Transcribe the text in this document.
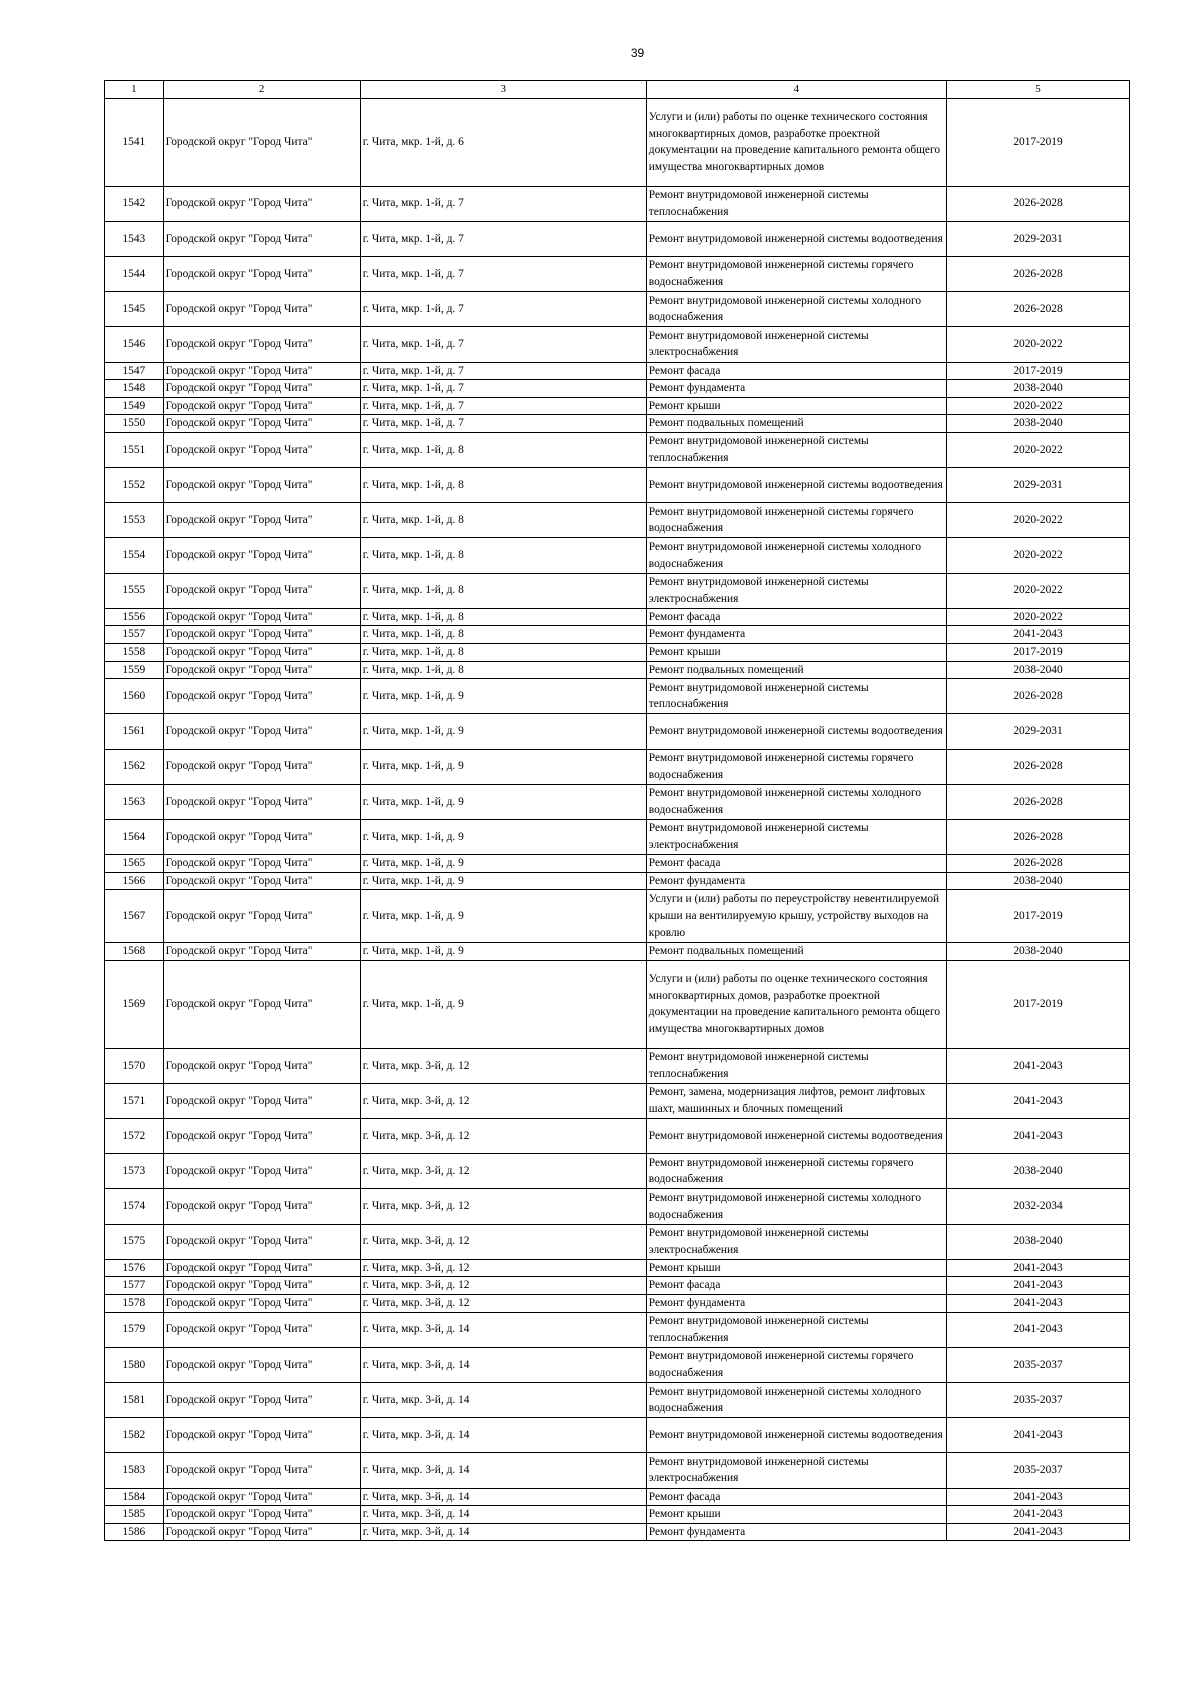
39
1	2	3	4	5
1541	Городской округ "Город Чита"	г. Чита, мкр. 1-й, д. 6	Услуги и (или) работы по оценке технического состояния многоквартирных домов, разработке проектной документации на проведение капитального ремонта общего имущества многоквартирных домов	2017-2019
1542	Городской округ "Город Чита"	г. Чита, мкр. 1-й, д. 7	Ремонт внутридомовой инженерной системы теплоснабжения	2026-2028
1543	Городской округ "Город Чита"	г. Чита, мкр. 1-й, д. 7	Ремонт внутридомовой инженерной системы водоотведения	2029-2031
1544	Городской округ "Город Чита"	г. Чита, мкр. 1-й, д. 7	Ремонт внутридомовой инженерной системы горячего водоснабжения	2026-2028
1545	Городской округ "Город Чита"	г. Чита, мкр. 1-й, д. 7	Ремонт внутридомовой инженерной системы холодного водоснабжения	2026-2028
1546	Городской округ "Город Чита"	г. Чита, мкр. 1-й, д. 7	Ремонт внутридомовой инженерной системы электроснабжения	2020-2022
1547	Городской округ "Город Чита"	г. Чита, мкр. 1-й, д. 7	Ремонт фасада	2017-2019
1548	Городской округ "Город Чита"	г. Чита, мкр. 1-й, д. 7	Ремонт фундамента	2038-2040
1549	Городской округ "Город Чита"	г. Чита, мкр. 1-й, д. 7	Ремонт крыши	2020-2022
1550	Городской округ "Город Чита"	г. Чита, мкр. 1-й, д. 7	Ремонт подвальных помещений	2038-2040
1551	Городской округ "Город Чита"	г. Чита, мкр. 1-й, д. 8	Ремонт внутридомовой инженерной системы теплоснабжения	2020-2022
1552	Городской округ "Город Чита"	г. Чита, мкр. 1-й, д. 8	Ремонт внутридомовой инженерной системы водоотведения	2029-2031
1553	Городской округ "Город Чита"	г. Чита, мкр. 1-й, д. 8	Ремонт внутридомовой инженерной системы горячего водоснабжения	2020-2022
1554	Городской округ "Город Чита"	г. Чита, мкр. 1-й, д. 8	Ремонт внутридомовой инженерной системы холодного водоснабжения	2020-2022
1555	Городской округ "Город Чита"	г. Чита, мкр. 1-й, д. 8	Ремонт внутридомовой инженерной системы электроснабжения	2020-2022
1556	Городской округ "Город Чита"	г. Чита, мкр. 1-й, д. 8	Ремонт фасада	2020-2022
1557	Городской округ "Город Чита"	г. Чита, мкр. 1-й, д. 8	Ремонт фундамента	2041-2043
1558	Городской округ "Город Чита"	г. Чита, мкр. 1-й, д. 8	Ремонт крыши	2017-2019
1559	Городской округ "Город Чита"	г. Чита, мкр. 1-й, д. 8	Ремонт подвальных помещений	2038-2040
1560	Городской округ "Город Чита"	г. Чита, мкр. 1-й, д. 9	Ремонт внутридомовой инженерной системы теплоснабжения	2026-2028
1561	Городской округ "Город Чита"	г. Чита, мкр. 1-й, д. 9	Ремонт внутридомовой инженерной системы водоотведения	2029-2031
1562	Городской округ "Город Чита"	г. Чита, мкр. 1-й, д. 9	Ремонт внутридомовой инженерной системы горячего водоснабжения	2026-2028
1563	Городской округ "Город Чита"	г. Чита, мкр. 1-й, д. 9	Ремонт внутридомовой инженерной системы холодного водоснабжения	2026-2028
1564	Городской округ "Город Чита"	г. Чита, мкр. 1-й, д. 9	Ремонт внутридомовой инженерной системы электроснабжения	2026-2028
1565	Городской округ "Город Чита"	г. Чита, мкр. 1-й, д. 9	Ремонт фасада	2026-2028
1566	Городской округ "Город Чита"	г. Чита, мкр. 1-й, д. 9	Ремонт фундамента	2038-2040
1567	Городской округ "Город Чита"	г. Чита, мкр. 1-й, д. 9	Услуги и (или) работы по переустройству невентилируемой крыши на вентилируемую крышу, устройству выходов на кровлю	2017-2019
1568	Городской округ "Город Чита"	г. Чита, мкр. 1-й, д. 9	Ремонт подвальных помещений	2038-2040
1569	Городской округ "Город Чита"	г. Чита, мкр. 1-й, д. 9	Услуги и (или) работы по оценке технического состояния многоквартирных домов, разработке проектной документации на проведение капитального ремонта общего имущества многоквартирных домов	2017-2019
1570	Городской округ "Город Чита"	г. Чита, мкр. 3-й, д. 12	Ремонт внутридомовой инженерной системы теплоснабжения	2041-2043
1571	Городской округ "Город Чита"	г. Чита, мкр. 3-й, д. 12	Ремонт, замена, модернизация лифтов, ремонт лифтовых шахт, машинных и блочных помещений	2041-2043
1572	Городской округ "Город Чита"	г. Чита, мкр. 3-й, д. 12	Ремонт внутридомовой инженерной системы водоотведения	2041-2043
1573	Городской округ "Город Чита"	г. Чита, мкр. 3-й, д. 12	Ремонт внутридомовой инженерной системы горячего водоснабжения	2038-2040
1574	Городской округ "Город Чита"	г. Чита, мкр. 3-й, д. 12	Ремонт внутридомовой инженерной системы холодного водоснабжения	2032-2034
1575	Городской округ "Город Чита"	г. Чита, мкр. 3-й, д. 12	Ремонт внутридомовой инженерной системы электроснабжения	2038-2040
1576	Городской округ "Город Чита"	г. Чита, мкр. 3-й, д. 12	Ремонт крыши	2041-2043
1577	Городской округ "Город Чита"	г. Чита, мкр. 3-й, д. 12	Ремонт фасада	2041-2043
1578	Городской округ "Город Чита"	г. Чита, мкр. 3-й, д. 12	Ремонт фундамента	2041-2043
1579	Городской округ "Город Чита"	г. Чита, мкр. 3-й, д. 14	Ремонт внутридомовой инженерной системы теплоснабжения	2041-2043
1580	Городской округ "Город Чита"	г. Чита, мкр. 3-й, д. 14	Ремонт внутридомовой инженерной системы горячего водоснабжения	2035-2037
1581	Городской округ "Город Чита"	г. Чита, мкр. 3-й, д. 14	Ремонт внутридомовой инженерной системы холодного водоснабжения	2035-2037
1582	Городской округ "Город Чита"	г. Чита, мкр. 3-й, д. 14	Ремонт внутридомовой инженерной системы водоотведения	2041-2043
1583	Городской округ "Город Чита"	г. Чита, мкр. 3-й, д. 14	Ремонт внутридомовой инженерной системы электроснабжения	2035-2037
1584	Городской округ "Город Чита"	г. Чита, мкр. 3-й, д. 14	Ремонт фасада	2041-2043
1585	Городской округ "Город Чита"	г. Чита, мкр. 3-й, д. 14	Ремонт крыши	2041-2043
1586	Городской округ "Город Чита"	г. Чита, мкр. 3-й, д. 14	Ремонт фундамента	2041-2043
